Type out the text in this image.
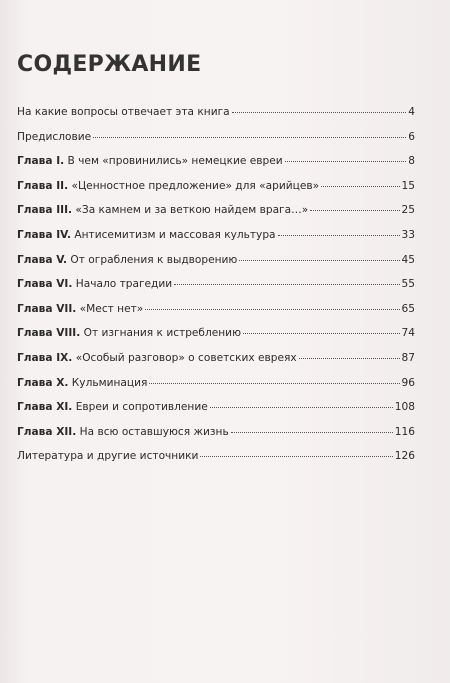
СОДЕРЖАНИЕ
На какие вопросы отвечает эта книга	4
Предисловие	6
Глава I. В чем «провинились» немецкие евреи	8
Глава II. «Ценностное предложение» для «арийцев»	15
Глава III. «За камнем и за веткою найдем врага…»	25
Глава IV. Антисемитизм и массовая культура	33
Глава V. От ограбления к выдворению	45
Глава VI. Начало трагедии	55
Глава VII. «Мест нет»	65
Глава VIII. От изгнания к истреблению	74
Глава IX. «Особый разговор» о советских евреях	87
Глава X. Кульминация	96
Глава XI. Евреи и сопротивление	108
Глава XII. На всю оставшуюся жизнь	116
Литература и другие источники	126
